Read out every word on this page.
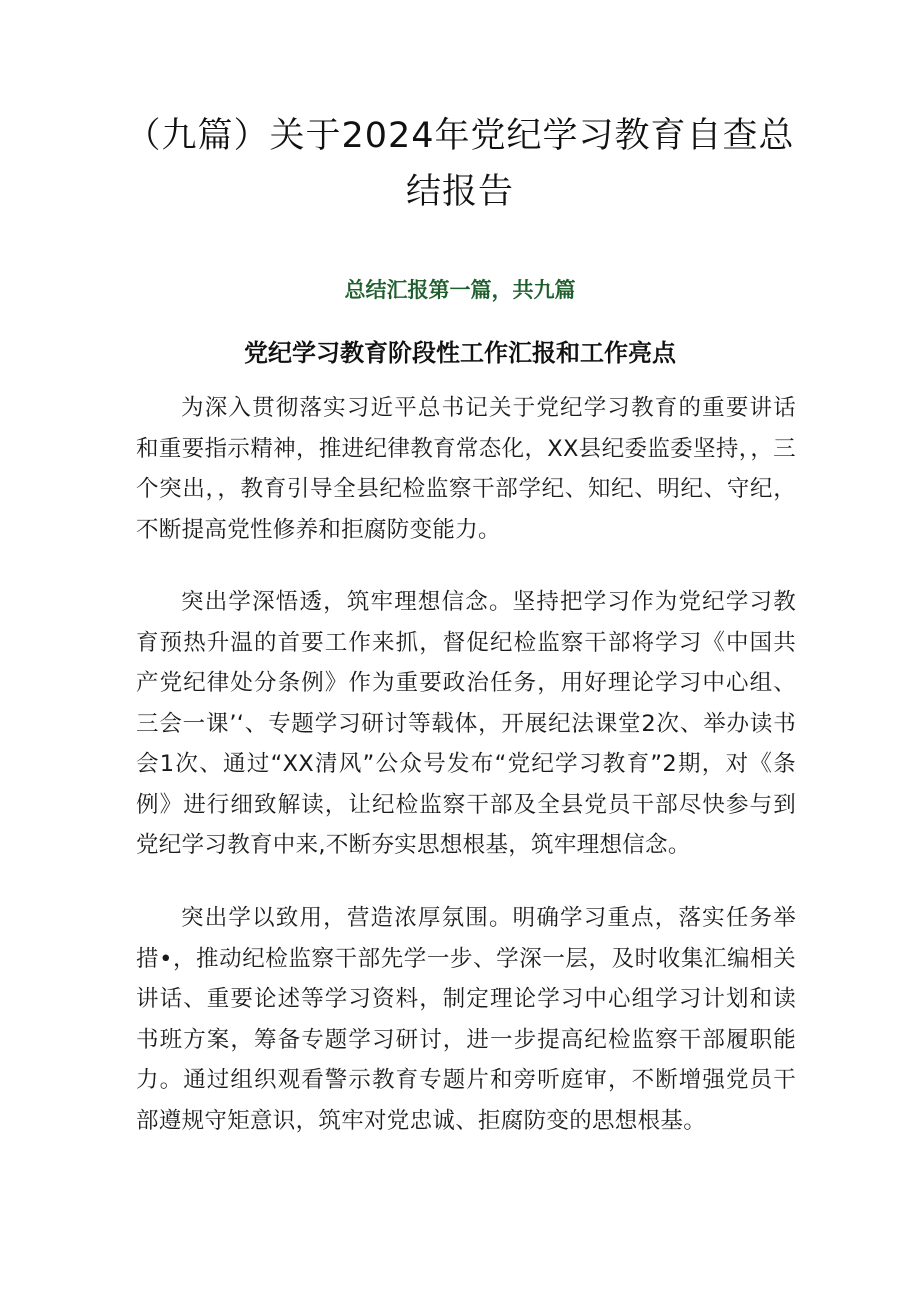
（九篇）关于2024年党纪学习教育自查总结报告
总结汇报第一篇，共九篇
党纪学习教育阶段性工作汇报和工作亮点

为深入贯彻落实习近平总书记关于党纪学习教育的重要讲话和重要指示精神，推进纪律教育常态化，XX县纪委监委坚持，，三个突出，，教育引导全县纪检监察干部学纪、知纪、明纪、守纪，不断提高党性修养和拒腐防变能力。

突出学深悟透，筑牢理想信念。坚持把学习作为党纪学习教育预热升温的首要工作来抓，督促纪检监察干部将学习《中国共产党纪律处分条例》作为重要政治任务，用好理论学习中心组、三会一课’‘、专题学习研讨等载体，开展纪法课堂2次、举办读书会1次、通过“XX清风”公众号发布“党纪学习教育”2期，对《条例》进行细致解读，让纪检监察干部及全县党员干部尽快参与到党纪学习教育中来,不断夯实思想根基，筑牢理想信念。

突出学以致用，营造浓厚氛围。明确学习重点，落实任务举措•，推动纪检监察干部先学一步、学深一层，及时收集汇编相关讲话、重要论述等学习资料，制定理论学习中心组学习计划和读书班方案，筹备专题学习研讨，进一步提高纪检监察干部履职能力。通过组织观看警示教育专题片和旁听庭审，不断增强党员干部遵规守矩意识，筑牢对党忠诚、拒腐防变的思想根基。
